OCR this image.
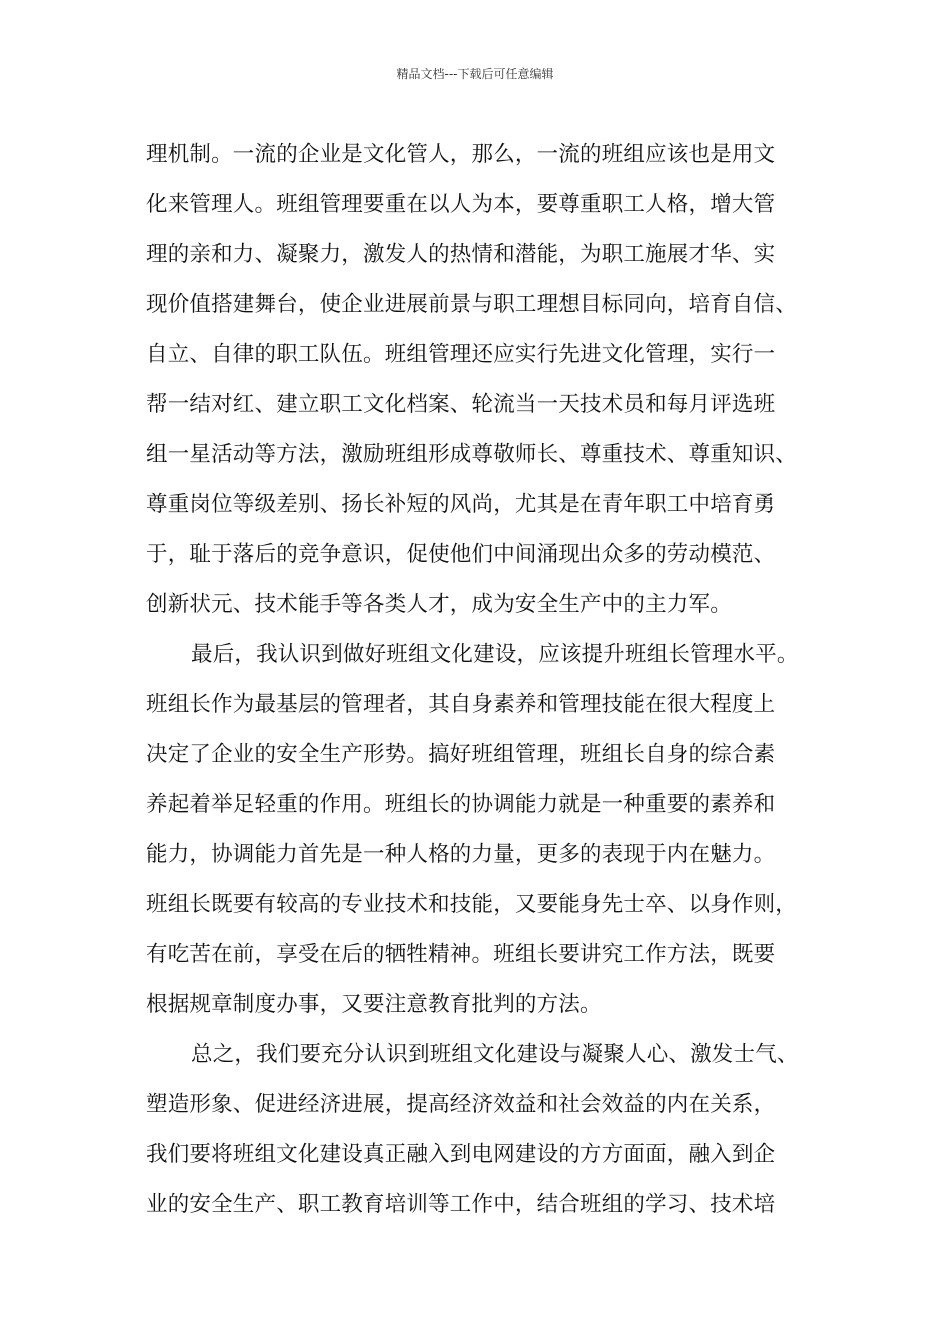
精品文档---下载后可任意编辑
理机制。一流的企业是文化管人，那么，一流的班组应该也是用文
化来管理人。班组管理要重在以人为本，要尊重职工人格，增大管
理的亲和力、凝聚力，激发人的热情和潜能，为职工施展才华、实
现价值搭建舞台，使企业进展前景与职工理想目标同向，培育自信、
自立、自律的职工队伍。班组管理还应实行先进文化管理，实行一
帮一结对红、建立职工文化档案、轮流当一天技术员和每月评选班
组一星活动等方法，激励班组形成尊敬师长、尊重技术、尊重知识、
尊重岗位等级差别、扬长补短的风尚，尤其是在青年职工中培育勇
于，耻于落后的竞争意识，促使他们中间涌现出众多的劳动模范、
创新状元、技术能手等各类人才，成为安全生产中的主力军。
最后，我认识到做好班组文化建设，应该提升班组长管理水平。
班组长作为最基层的管理者，其自身素养和管理技能在很大程度上
决定了企业的安全生产形势。搞好班组管理，班组长自身的综合素
养起着举足轻重的作用。班组长的协调能力就是一种重要的素养和
能力，协调能力首先是一种人格的力量，更多的表现于内在魅力。
班组长既要有较高的专业技术和技能，又要能身先士卒、以身作则，
有吃苦在前，享受在后的牺牲精神。班组长要讲究工作方法，既要
根据规章制度办事，又要注意教育批判的方法。
总之，我们要充分认识到班组文化建设与凝聚人心、激发士气、
塑造形象、促进经济进展，提高经济效益和社会效益的内在关系，
我们要将班组文化建设真正融入到电网建设的方方面面，融入到企
业的安全生产、职工教育培训等工作中，结合班组的学习、技术培
